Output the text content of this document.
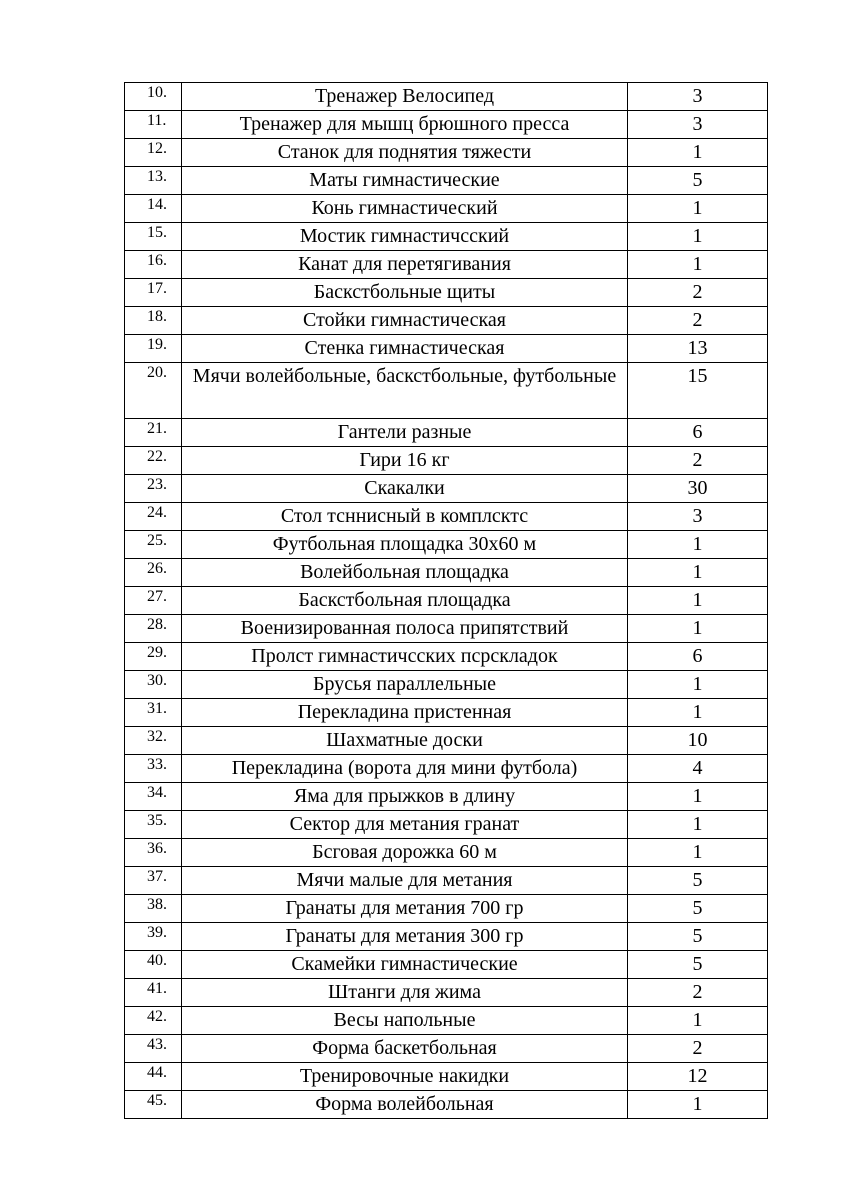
10.	Тренажер Велосипед	3
11.	Тренажер для мышц брюшного пресса	3
12.	Станок для поднятия тяжести	1
13.	Маты гимнастические	5
14.	Конь гимнастический	1
15.	Мостик гимнастичсский	1
16.	Канат для перетягивания	1
17.	Баскстбольные щиты	2
18.	Стойки гимнастическая	2
19.	Стенка гимнастическая	13
20.	Мячи волейбольные, баскстбольные, футбольные	15
21.	Гантели разные	6
22.	Гири 16 кг	2
23.	Скакалки	30
24.	Стол тсннисный в комплсктс	3
25.	Футбольная площадка 30х60 м	1
26.	Волейбольная площадка	1
27.	Баскстбольная площадка	1
28.	Военизированная полоса припятствий	1
29.	Пролст гимнастичсских псрскладок	6
30.	Брусья параллельные	1
31.	Перекладина пристенная	1
32.	Шахматные доски	10
33.	Перекладина (ворота для мини футбола)	4
34.	Яма для прыжков в длину	1
35.	Сектор для метания гранат	1
36.	Бсговая дорожка 60 м	1
37.	Мячи малые для метания	5
38.	Гранаты для метания 700 гр	5
39.	Гранаты для метания 300 гр	5
40.	Скамейки гимнастические	5
41.	Штанги для жима	2
42.	Весы напольные	1
43.	Форма баскетбольная	2
44.	Тренировочные накидки	12
45.	Форма волейбольная	1
